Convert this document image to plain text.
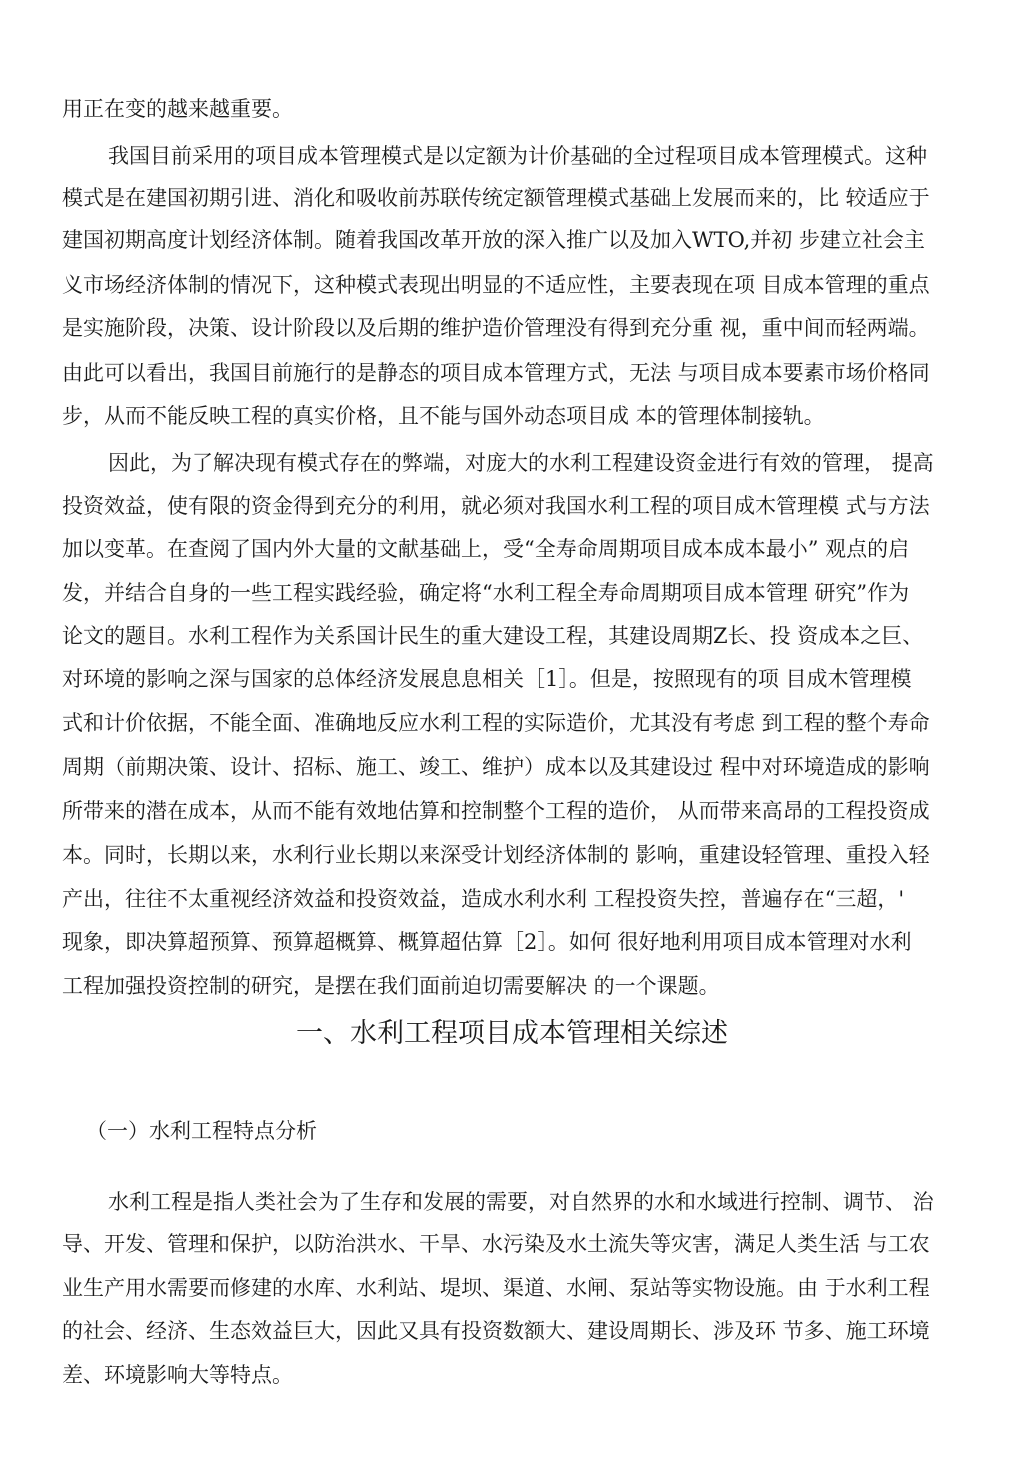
用正在变的越来越重要。
我国目前采用的项目成本管理模式是以定额为计价基础的全过程项目成本管理模式。这种
模式是在建国初期引进、消化和吸收前苏联传统定额管理模式基础上发展而来的，比 较适应于
建国初期高度计划经济体制。随着我国改革开放的深入推广以及加入WTO,并初 步建立社会主
义市场经济体制的情况下，这种模式表现出明显的不适应性，主要表现在项 目成本管理的重点
是实施阶段，决策、设计阶段以及后期的维护造价管理没有得到充分重 视，重中间而轻两端。
由此可以看出，我国目前施行的是静态的项目成本管理方式，无法 与项目成本要素市场价格同
步，从而不能反映工程的真实价格，且不能与国外动态项目成 本的管理体制接轨。
因此，为了解决现有模式存在的弊端，对庞大的水利工程建设资金进行有效的管理， 提高
投资效益，使有限的资金得到充分的利用，就必须对我国水利工程的项目成木管理模 式与方法
加以变革。在查阅了国内外大量的文献基础上，受“全寿命周期项目成本成本最小” 观点的启
发，并结合自身的一些工程实践经验，确定将“水利工程全寿命周期项目成本管理 研究”作为
论文的题目。水利工程作为关系国计民生的重大建设工程，其建设周期Z长、投 资成本之巨、
对环境的影响之深与国家的总体经济发展息息相关［1］。但是，按照现有的项 目成木管理模
式和计价依据，不能全面、准确地反应水利工程的实际造价，尤其没有考虑 到工程的整个寿命
周期（前期决策、设计、招标、施工、竣工、维护）成本以及其建设过 程中对环境造成的影响
所带来的潜在成本，从而不能有效地估算和控制整个工程的造价， 从而带来高昂的工程投资成
本。同时，长期以来，水利行业长期以来深受计划经济体制的 影响，重建设轻管理、重投入轻
产出，往往不太重视经济效益和投资效益，造成水利水利 工程投资失控，普遍存在“三超，'
现象，即决算超预算、预算超概算、概算超估算［2］。如何 很好地利用项目成本管理对水利
工程加强投资控制的研究，是摆在我们面前迫切需要解决 的一个课题。
一、水利工程项目成本管理相关综述
（一）水利工程特点分析
水利工程是指人类社会为了生存和发展的需要，对自然界的水和水域进行控制、调节、 治
导、开发、管理和保护，以防治洪水、干旱、水污染及水土流失等灾害，满足人类生活 与工农
业生产用水需要而修建的水库、水利站、堤坝、渠道、水闸、泵站等实物设施。由 于水利工程
的社会、经济、生态效益巨大，因此又具有投资数额大、建设周期长、涉及环 节多、施工环境
差、环境影响大等特点。
